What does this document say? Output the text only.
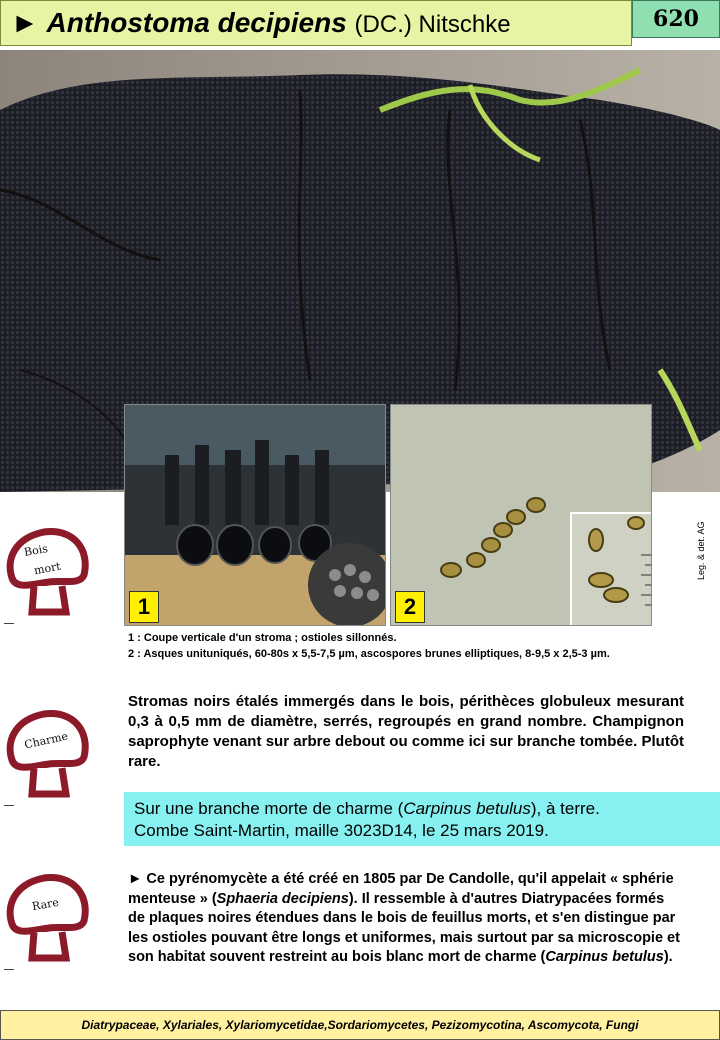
► Anthostoma decipiens (DC.) Nitschke	620
1	2
Leg. & det. AG
1 : Coupe verticale d'un stroma ; ostioles sillonnés.
2 : Asques unituniqués, 60-80s x 5,5-7,5 µm, ascospores brunes elliptiques, 8-9,5 x 2,5-3 µm.
Bois
mort
Charme
Rare
Stromas noirs étalés immergés dans le bois, périthèces globuleux mesurant 0,3 à 0,5 mm de diamètre, serrés, regroupés en grand nombre. Champignon saprophyte venant sur arbre debout ou comme ici sur branche tombée. Plutôt rare.
Sur une branche morte de charme (Carpinus betulus), à terre.
Combe Saint-Martin, maille 3023D14, le 25 mars 2019.
► Ce pyrénomycète a été créé en 1805 par De Candolle, qu'il appelait « sphérie menteuse » (Sphaeria decipiens). Il ressemble à d'autres Diatrypacées formés de plaques noires étendues dans le bois de feuillus morts, et s'en distingue par les ostioles pouvant être longs et uniformes, mais surtout par sa microscopie et son habitat souvent restreint au bois blanc mort de charme (Carpinus betulus).
Diatrypaceae, Xylariales, Xylariomycetidae,Sordariomycetes, Pezizomycotina, Ascomycota, Fungi
